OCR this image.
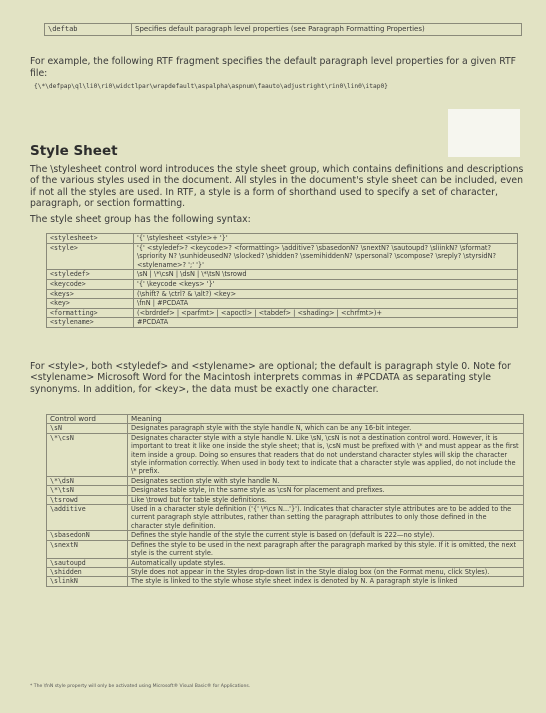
\deftab	Specifies default paragraph level properties (see Paragraph Formatting Properties)
For example, the following RTF fragment specifies the default paragraph level properties for a given RTF file:
{\*\defpap\ql\li0\ri0\widctlpar\wrapdefault\aspalpha\aspnum\faauto\adjustright\rin0\lin0\itap0}
Style Sheet
The \stylesheet control word introduces the style sheet group, which contains definitions and descriptions of the various styles used in the document. All styles in the document's style sheet can be included, even if not all the styles are used. In RTF, a style is a form of shorthand used to specify a set of character, paragraph, or section formatting.
The style sheet group has the following syntax:
<stylesheet>	'{' \stylesheet <style>+ '}'
<style>	'{' <styledef>? <keycode>? <formatting> \additive? \sbasedonN? \snextN? \sautoupd? \sliinkN? \sformat? \spriority N? \sunhideusedN? \slocked? \shidden? \ssemihiddenN? \spersonal? \scompose? \sreply? \styrsidN? <stylename>? ';' '}'
<styledef>	\sN | \*\csN | \dsN | \*\tsN \tsrowd
<keycode>	'{' \keycode <keys> '}'
<keys>	(\shift? & \ctrl? & \alt?) <key>
<key>	\fnN | #PCDATA
<formatting>	(<brdrdef> | <parfmt> | <apoctl> | <tabdef> | <shading> | <chrfmt>)+
<stylename>	#PCDATA
For <style>, both <styledef> and <stylename> are optional; the default is paragraph style 0. Note for <stylename> Microsoft Word for the Macintosh interprets commas in #PCDATA as separating style synonyms. In addition, for <key>, the data must be exactly one character.
Control word	Meaning
\sN	Designates paragraph style with the style handle N, which can be any 16-bit integer.
\*\csN	Designates character style with a style handle N. Like \sN, \csN is not a destination control word. However, it is important to treat it like one inside the style sheet; that is, \csN must be prefixed with \* and must appear as the first item inside a group. Doing so ensures that readers that do not understand character styles will skip the character style information correctly. When used in body text to indicate that a character style was applied, do not include the \* prefix.
\*\dsN	Designates section style with style handle N.
\*\tsN	Designates table style, in the same style as \csN for placement and prefixes.
\tsrowd	Like \trowd but for table style definitions.
\additive	Used in a character style definition ('{' \*\cs N...'}'). Indicates that character style attributes are to be added to the current paragraph style attributes, rather than setting the paragraph attributes to only those defined in the character style definition.
\sbasedonN	Defines the style handle of the style the current style is based on (default is 222—no style).
\snextN	Defines the style to be used in the next paragraph after the paragraph marked by this style. If it is omitted, the next style is the current style.
\sautoupd	Automatically update styles.
\shidden	Style does not appear in the Styles drop-down list in the Style dialog box (on the Format menu, click Styles).
\slinkN	The style is linked to the style whose style sheet index is denoted by N. A paragraph style is linked
* The \fnN style property will only be activated using Microsoft® Visual Basic® for Applications.
